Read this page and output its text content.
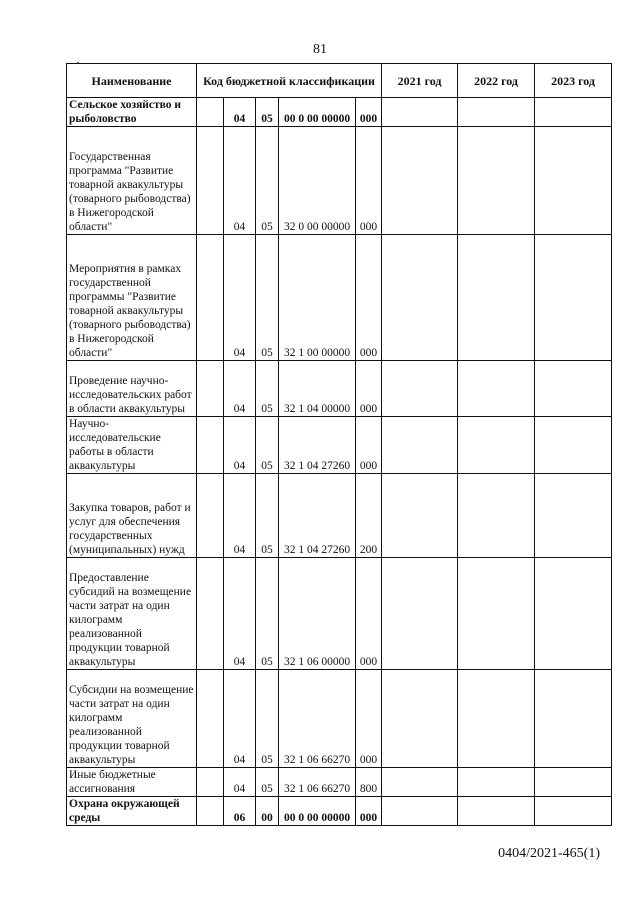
81
Наименование	Код бюджетной классификации					2021 год	2022 год	2023 год
Сельское хозяйство и рыболовство		04	05	00 0 00 00000	000			
Государственная программа "Развитие товарной аквакультуры (товарного рыбоводства) в Нижегородской области"		04	05	32 0 00 00000	000			
Мероприятия в рамках государственной программы "Развитие товарной аквакультуры (товарного рыбоводства) в Нижегородской области"		04	05	32 1 00 00000	000			
Проведение научно-исследовательских работ в области аквакультуры		04	05	32 1 04 00000	000			
Научно-исследовательские работы в области аквакультуры		04	05	32 1 04 27260	000			
Закупка товаров, работ и услуг для обеспечения государственных (муниципальных) нужд		04	05	32 1 04 27260	200			
Предоставление субсидий на возмещение части затрат на один килограмм реализованной продукции товарной аквакультуры		04	05	32 1 06 00000	000			
Субсидии на возмещение части затрат на один килограмм реализованной продукции товарной аквакультуры		04	05	32 1 06 66270	000			
Иные бюджетные ассигнования		04	05	32 1 06 66270	800			
Охрана окружающей среды		06	00	00 0 00 00000	000			
0404/2021-465(1)
